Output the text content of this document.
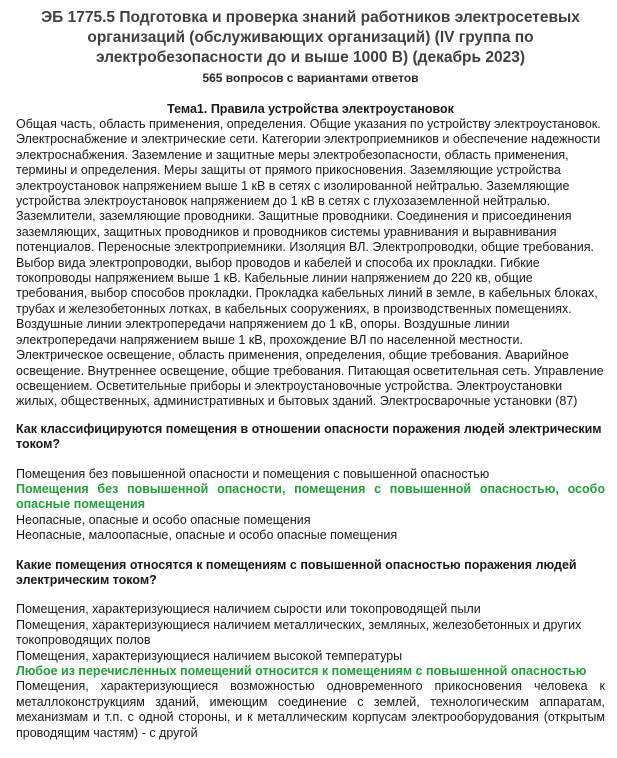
ЭБ 1775.5 Подготовка и проверка знаний работников электросетевых организаций (обслуживающих организаций) (IV группа по электробезопасности до и выше 1000 В) (декабрь 2023)
565 вопросов с вариантами ответов
Тема1. Правила устройства электроустановок

Общая часть, область применения, определения. Общие указания по устройству электроустановок. Электроснабжение и электрические сети. Категории электроприемников и обеспечение надежности электроснабжения. Заземление и защитные меры электробезопасности, область применения, термины и определения. Меры защиты от прямого прикосновения. Заземляющие устройства электроустановок напряжением выше 1 кВ в сетях с изолированной нейтралью. Заземляющие устройства электроустановок напряжением до 1 кВ в сетях с глухозаземленной нейтралью. Заземлители, заземляющие проводники. Защитные проводники. Соединения и присоединения заземляющих, защитных проводников и проводников системы уравнивания и выравнивания потенциалов. Переносные электроприемники. Изоляция ВЛ. Электропроводки, общие требования. Выбор вида электропроводки, выбор проводов и кабелей и способа их прокладки. Гибкие токопроводы напряжением выше 1 кВ. Кабельные линии напряжением до 220 кв, общие требования, выбор способов прокладки. Прокладка кабельных линий в земле, в кабельных блоках, трубах и железобетонных лотках, в кабельных сооружениях, в производственных помещениях. Воздушные линии электропередачи напряжением до 1 кВ, опоры. Воздушные линии электропередачи напряжением выше 1 кВ, прохождение ВЛ по населенной местности. Электрическое освещение, область применения, определения, общие требования. Аварийное освещение. Внутреннее освещение, общие требования. Питающая осветительная сеть. Управление освещением. Осветительные приборы и электроустановочные устройства. Электроустановки жилых, общественных, административных и бытовых зданий. Электросварочные установки (87)

Как классифицируются помещения в отношении опасности поражения людей электрическим током?
Помещения без повышенной опасности и помещения с повышенной опасностью
Помещения без повышенной опасности, помещения с повышенной опасностью, особо опасные помещения
Неопасные, опасные и особо опасные помещения
Неопасные, малоопасные, опасные и особо опасные помещения
Какие помещения относятся к помещениям с повышенной опасностью поражения людей электрическим током?
Помещения, характеризующиеся наличием сырости или токопроводящей пыли
Помещения, характеризующиеся наличием металлических, земляных, железобетонных и других токопроводящих полов
Помещения, характеризующиеся наличием высокой температуры
Любое из перечисленных помещений относится к помещениям с повышенной опасностью
Помещения, характеризующиеся возможностью одновременного прикосновения человека к металлоконструкциям зданий, имеющим соединение с землей, технологическим аппаратам, механизмам и т.п. с одной стороны, и к металлическим корпусам электрооборудования (открытым проводящим частям) - с другой
